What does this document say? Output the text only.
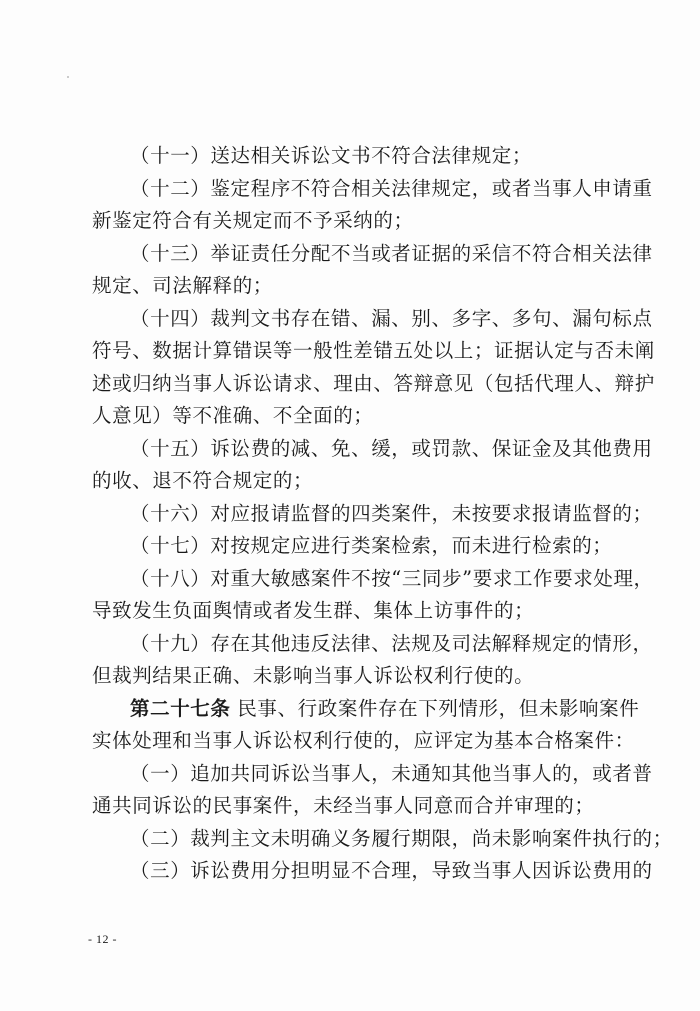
（十一）送达相关诉讼文书不符合法律规定；
（十二）鉴定程序不符合相关法律规定，或者当事人申请重
新鉴定符合有关规定而不予采纳的；
（十三）举证责任分配不当或者证据的采信不符合相关法律
规定、司法解释的；
（十四）裁判文书存在错、漏、别、多字、多句、漏句标点
符号、数据计算错误等一般性差错五处以上；证据认定与否未阐
述或归纳当事人诉讼请求、理由、答辩意见（包括代理人、辩护
人意见）等不准确、不全面的；
（十五）诉讼费的减、免、缓，或罚款、保证金及其他费用
的收、退不符合规定的；
（十六）对应报请监督的四类案件，未按要求报请监督的；
（十七）对按规定应进行类案检索，而未进行检索的；
（十八）对重大敏感案件不按“三同步”要求工作要求处理，
导致发生负面舆情或者发生群、集体上访事件的；
（十九）存在其他违反法律、法规及司法解释规定的情形，
但裁判结果正确、未影响当事人诉讼权利行使的。
第二十七条 民事、行政案件存在下列情形，但未影响案件
实体处理和当事人诉讼权利行使的，应评定为基本合格案件：
（一）追加共同诉讼当事人，未通知其他当事人的，或者普
通共同诉讼的民事案件，未经当事人同意而合并审理的；
（二）裁判主文未明确义务履行期限，尚未影响案件执行的；
（三）诉讼费用分担明显不合理，导致当事人因诉讼费用的
- 12 -
